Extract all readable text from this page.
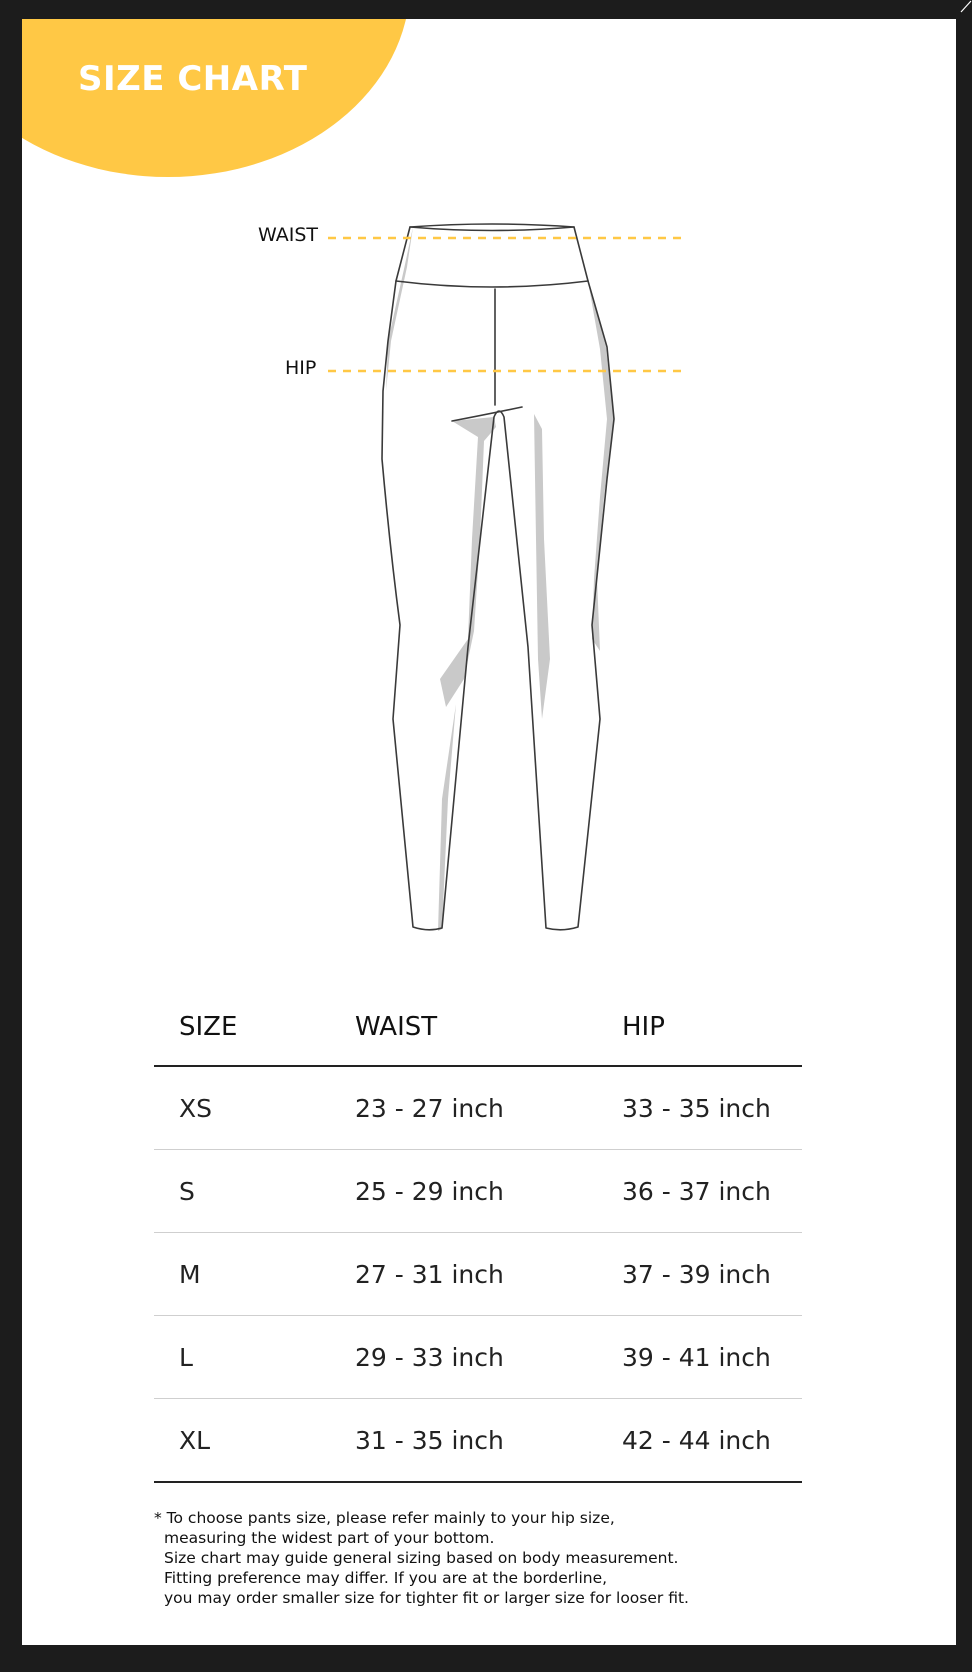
SIZE CHART
WAIST
HIP
SIZE	WAIST	HIP
XS	23 - 27 inch	33 - 35 inch
S	25 - 29 inch	36 - 37 inch
M	27 - 31 inch	37 - 39 inch
L	29 - 33 inch	39 - 41 inch
XL	31 - 35 inch	42 - 44 inch
* To choose pants size, please refer mainly to your hip size,
measuring the widest part of your bottom.
Size chart may guide general sizing based on body measurement.
Fitting preference may differ. If you are at the borderline,
you may order smaller size for tighter fit or larger size for looser fit.
